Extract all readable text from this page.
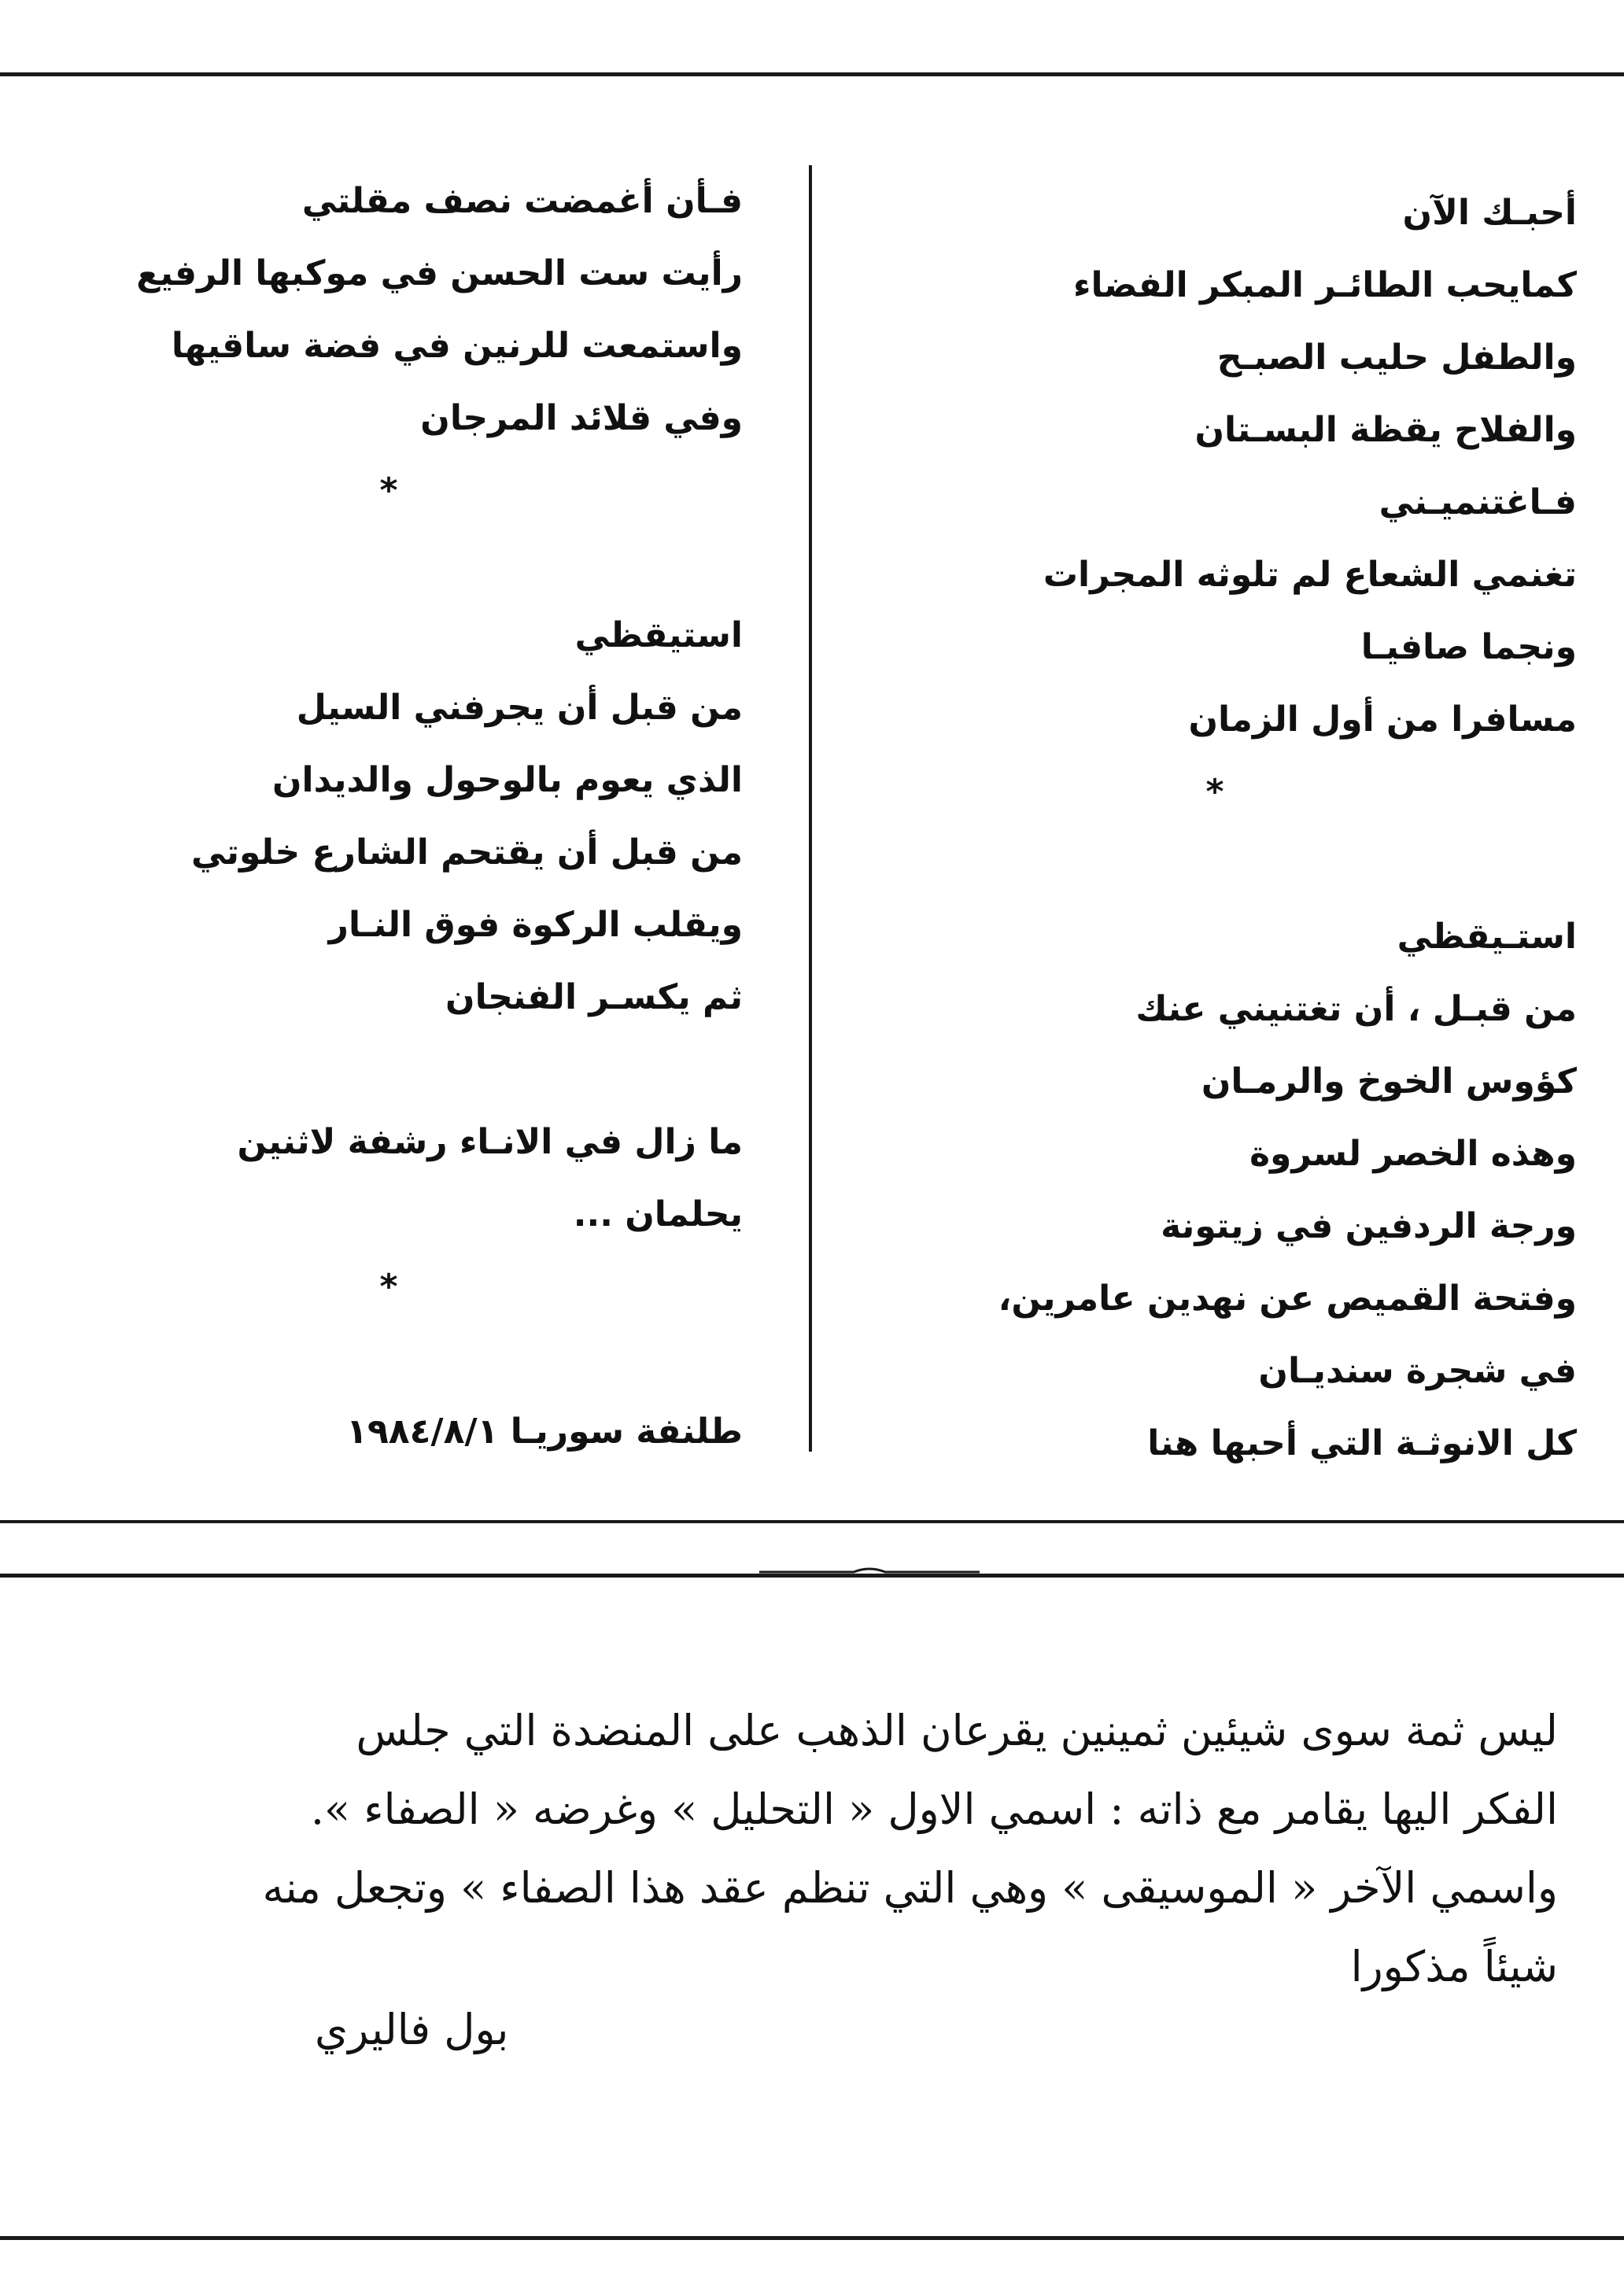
أحبـك الآن
كمايحب الطائـر المبكر الفضاء
والطفل حليب الصبـح
والفلاح يقظة البسـتان
فـاغتنميـني
تغنمي الشعاع لم تلوثه المجرات
ونجما صافيـا
مسافرا من أول الزمان
*
استـيقظي
من قبـل ، أن تغتنيني عنك
كؤوس الخوخ والرمـان
وهذه الخصر لسروة
ورجة الردفين في زيتونة
وفتحة القميص عن نهدين عامرين،
في شجرة سنديـان
كل الانوثـة التي أحبها هنا
فـأن أغمضت نصف مقلتي
رأيت ست الحسن في موكبها الرفيع
واستمعت للرنين في فضة ساقيها
وفي قلائد المرجان
*
استيقظي
من قبل أن يجرفني السيل
الذي يعوم بالوحول والديدان
من قبل أن يقتحم الشارع خلوتي
ويقلب الركوة فوق النـار
ثم يكسـر الفنجان
ما زال في الانـاء رشفة لاثنين
يحلمان ...
*
طلنفة سوريـا ١٩٨٤/٨/١
ليس ثمة سوى شيئين ثمينين يقرعان الذهب على المنضدة التي جلس
الفكر اليها يقامر مع ذاته : اسمي الاول « التحليل » وغرضه « الصفاء ».
واسمي الآخر « الموسيقى » وهي التي تنظم عقد هذا الصفاء » وتجعل منه
شيئاً مذكورا
بول فاليري
